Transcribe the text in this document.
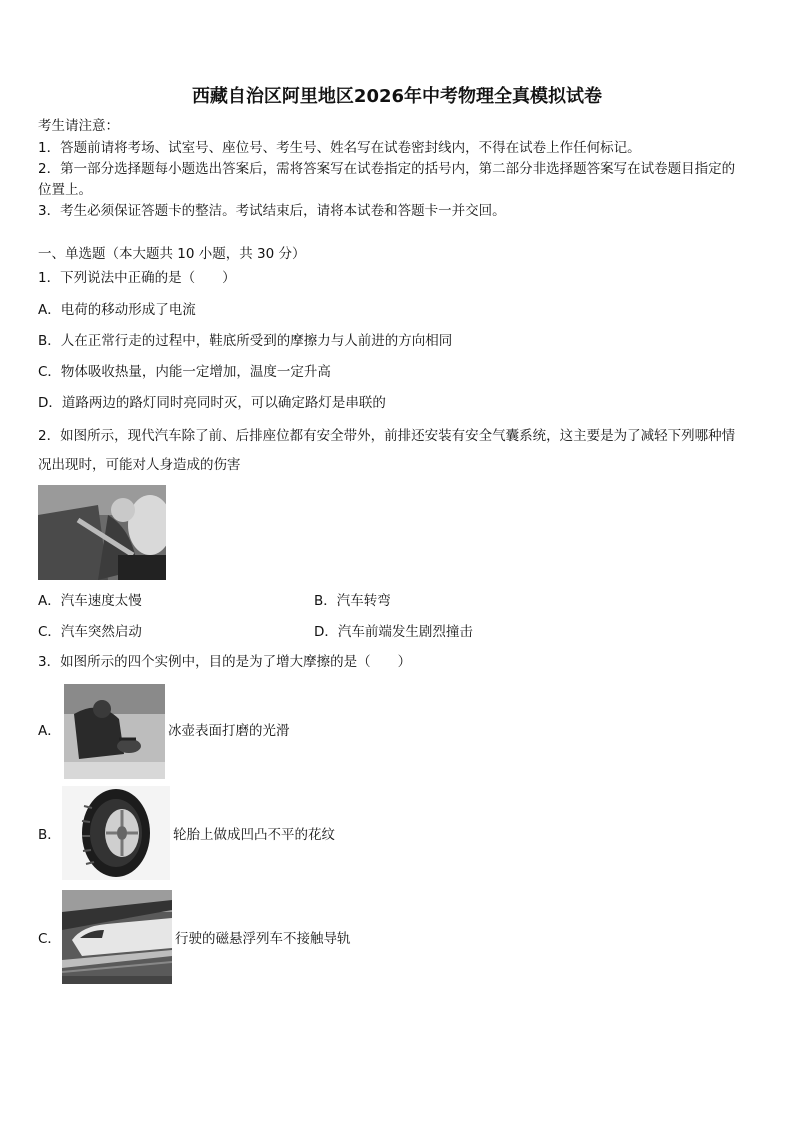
西藏自治区阿里地区2026年中考物理全真模拟试卷
考生请注意：
1．答题前请将考场、试室号、座位号、考生号、姓名写在试卷密封线内，不得在试卷上作任何标记。
2．第一部分选择题每小题选出答案后，需将答案写在试卷指定的括号内，第二部分非选择题答案写在试卷题目指定的
位置上。
3．考生必须保证答题卡的整洁。考试结束后，请将本试卷和答题卡一并交回。
一、单选题（本大题共 10 小题，共 30 分）
1．下列说法中正确的是（　　）
A．电荷的移动形成了电流
B．人在正常行走的过程中，鞋底所受到的摩擦力与人前进的方向相同
C．物体吸收热量，内能一定增加，温度一定升高
D．道路两边的路灯同时亮同时灭，可以确定路灯是串联的
2．如图所示，现代汽车除了前、后排座位都有安全带外，前排还安装有安全气囊系统，这主要是为了减轻下列哪种情
况出现时，可能对人身造成的伤害
A．汽车速度太慢	B．汽车转弯
C．汽车突然启动	D．汽车前端发生剧烈撞击
3．如图所示的四个实例中，目的是为了增大摩擦的是（　　）
A．	冰壶表面打磨的光滑
B．	轮胎上做成凹凸不平的花纹
C．	行驶的磁悬浮列车不接触导轨
